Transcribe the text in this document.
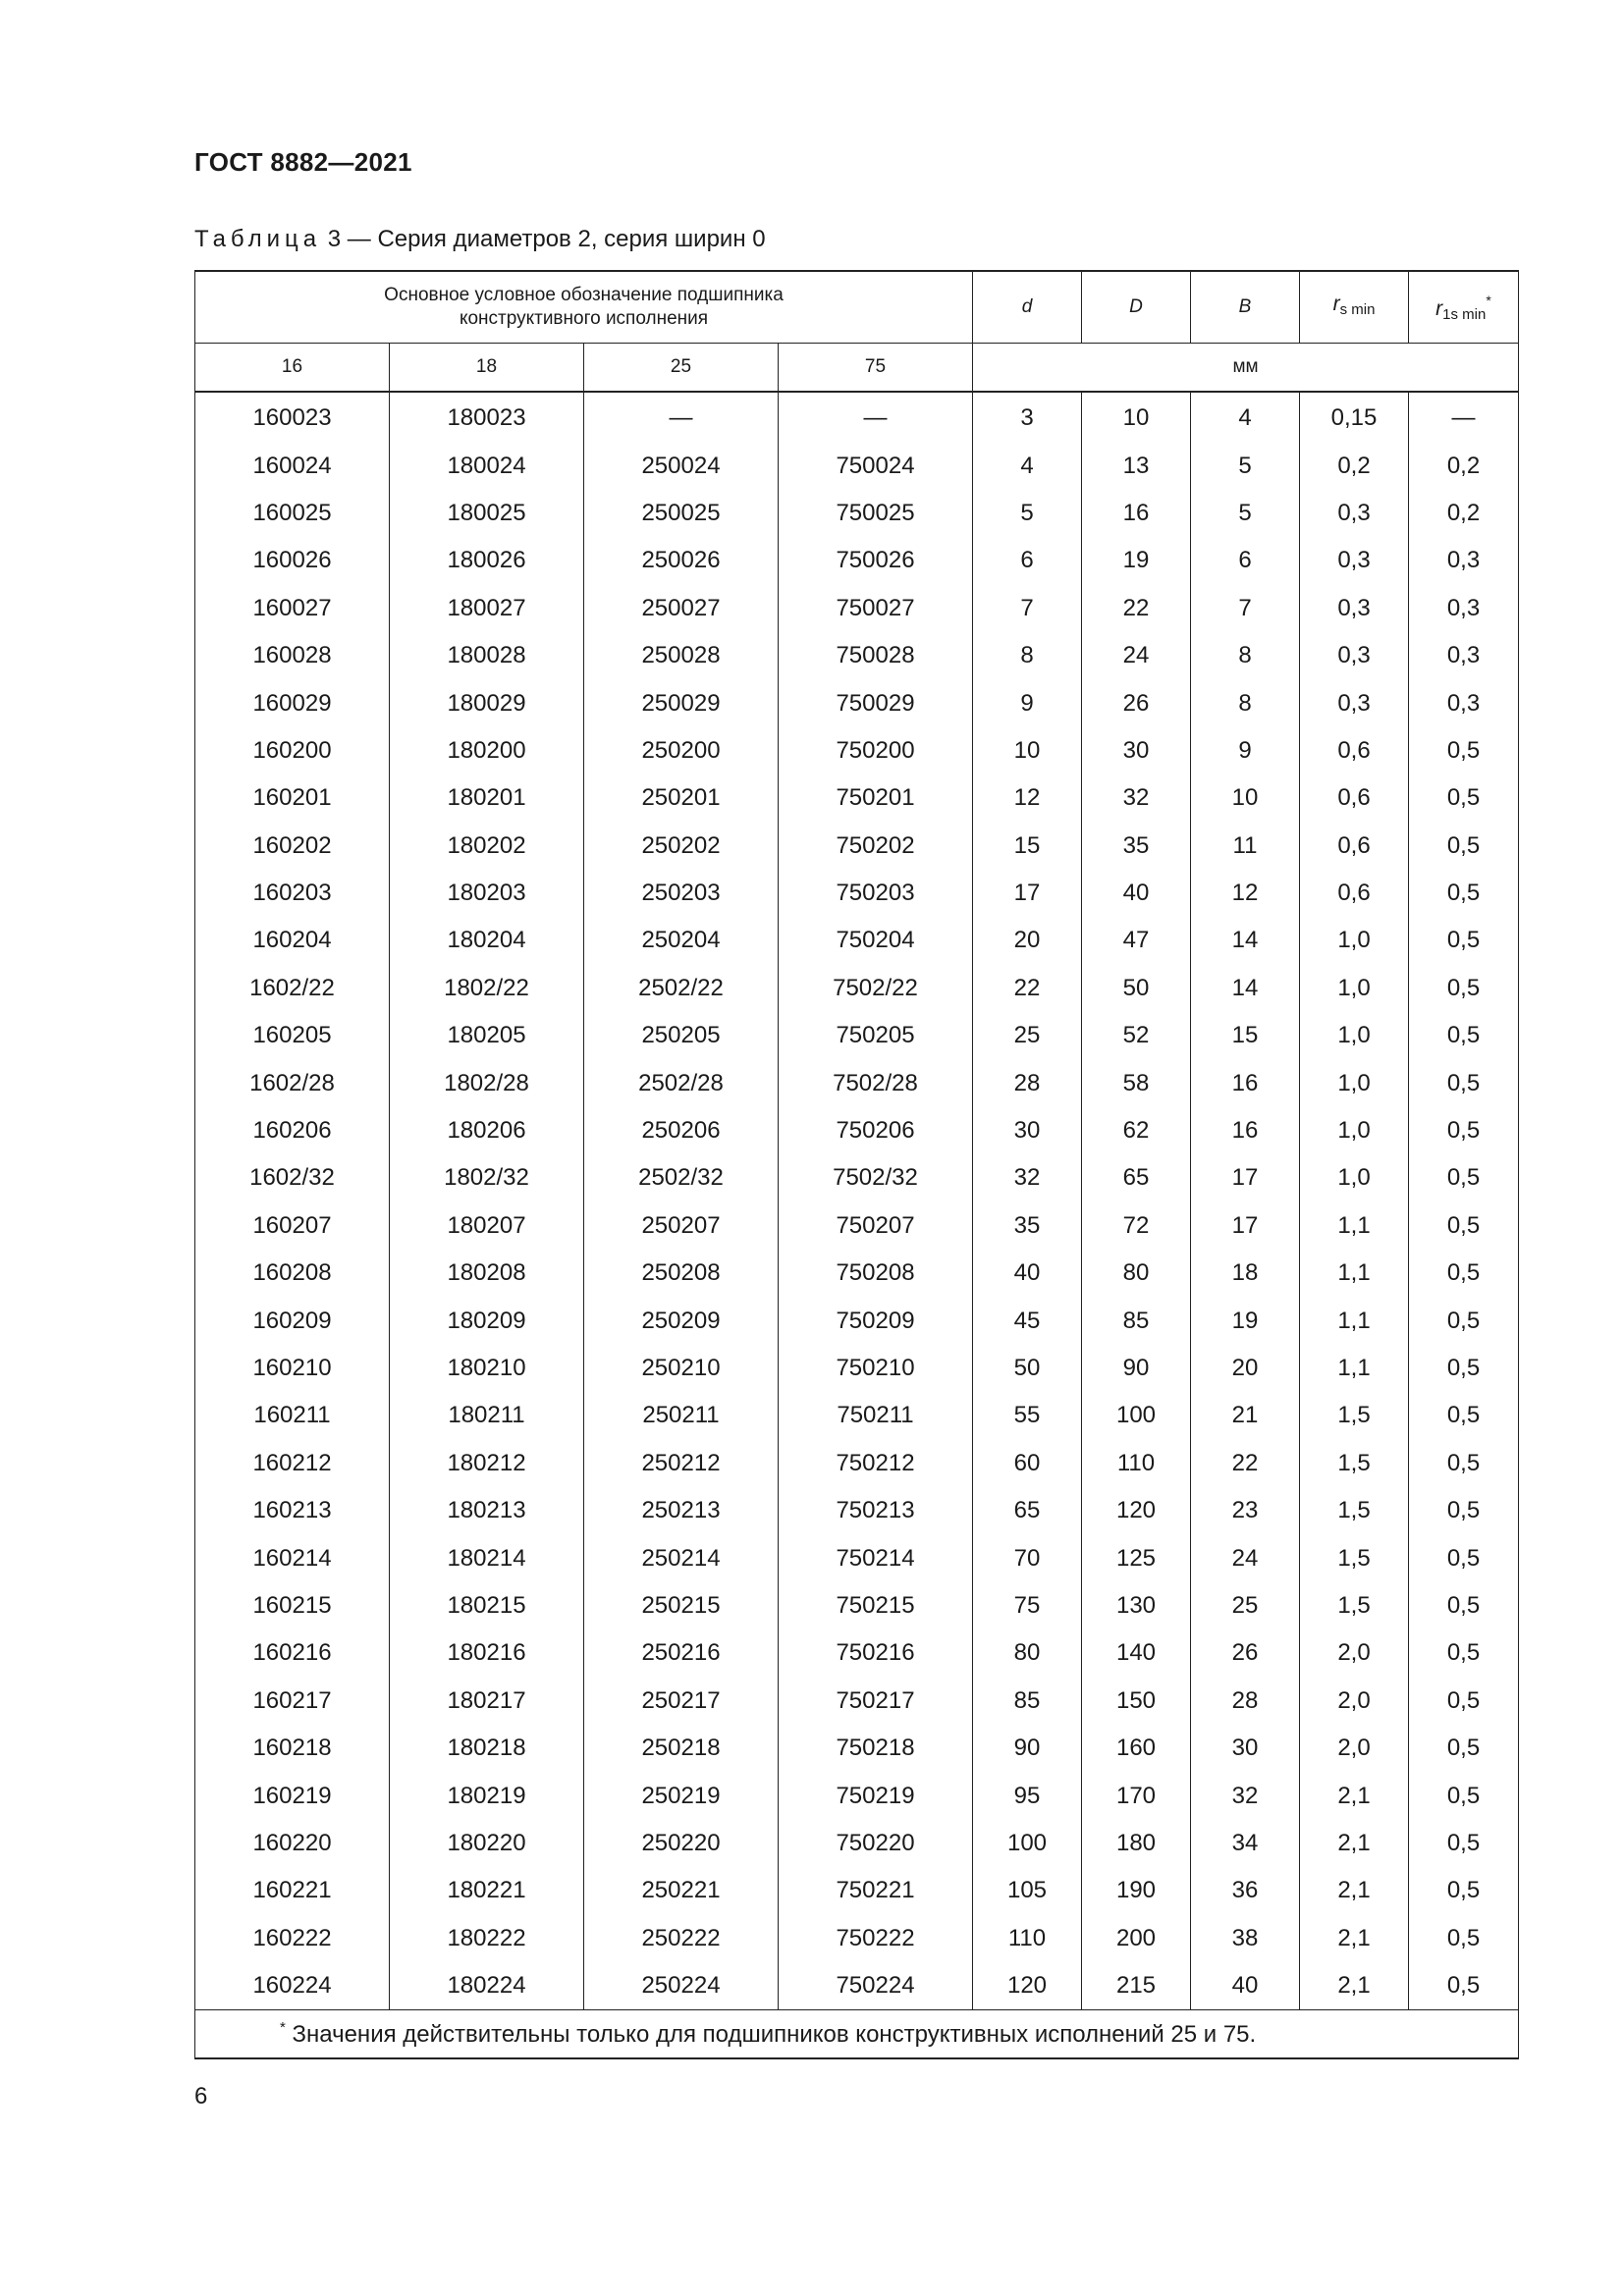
ГОСТ 8882—2021
Таблица 3 — Серия диаметров 2, серия ширин 0
Основное условное обозначение подшипника конструктивного исполнения				d	D	B	$r_{s min}$	$r_{1s min}^*$
16	18	25	75	мм				
160023	180023	—	—	3	10	4	0,15	—
160024	180024	250024	750024	4	13	5	0,2	0,2
160025	180025	250025	750025	5	16	5	0,3	0,2
160026	180026	250026	750026	6	19	6	0,3	0,3
160027	180027	250027	750027	7	22	7	0,3	0,3
160028	180028	250028	750028	8	24	8	0,3	0,3
160029	180029	250029	750029	9	26	8	0,3	0,3
160200	180200	250200	750200	10	30	9	0,6	0,5
160201	180201	250201	750201	12	32	10	0,6	0,5
160202	180202	250202	750202	15	35	11	0,6	0,5
160203	180203	250203	750203	17	40	12	0,6	0,5
160204	180204	250204	750204	20	47	14	1,0	0,5
1602/22	1802/22	2502/22	7502/22	22	50	14	1,0	0,5
160205	180205	250205	750205	25	52	15	1,0	0,5
1602/28	1802/28	2502/28	7502/28	28	58	16	1,0	0,5
160206	180206	250206	750206	30	62	16	1,0	0,5
1602/32	1802/32	2502/32	7502/32	32	65	17	1,0	0,5
160207	180207	250207	750207	35	72	17	1,1	0,5
160208	180208	250208	750208	40	80	18	1,1	0,5
160209	180209	250209	750209	45	85	19	1,1	0,5
160210	180210	250210	750210	50	90	20	1,1	0,5
160211	180211	250211	750211	55	100	21	1,5	0,5
160212	180212	250212	750212	60	110	22	1,5	0,5
160213	180213	250213	750213	65	120	23	1,5	0,5
160214	180214	250214	750214	70	125	24	1,5	0,5
160215	180215	250215	750215	75	130	25	1,5	0,5
160216	180216	250216	750216	80	140	26	2,0	0,5
160217	180217	250217	750217	85	150	28	2,0	0,5
160218	180218	250218	750218	90	160	30	2,0	0,5
160219	180219	250219	750219	95	170	32	2,1	0,5
160220	180220	250220	750220	100	180	34	2,1	0,5
160221	180221	250221	750221	105	190	36	2,1	0,5
160222	180222	250222	750222	110	200	38	2,1	0,5
160224	180224	250224	750224	120	215	40	2,1	0,5
* Значения действительны только для подшипников конструктивных исполнений 25 и 75.								
6
